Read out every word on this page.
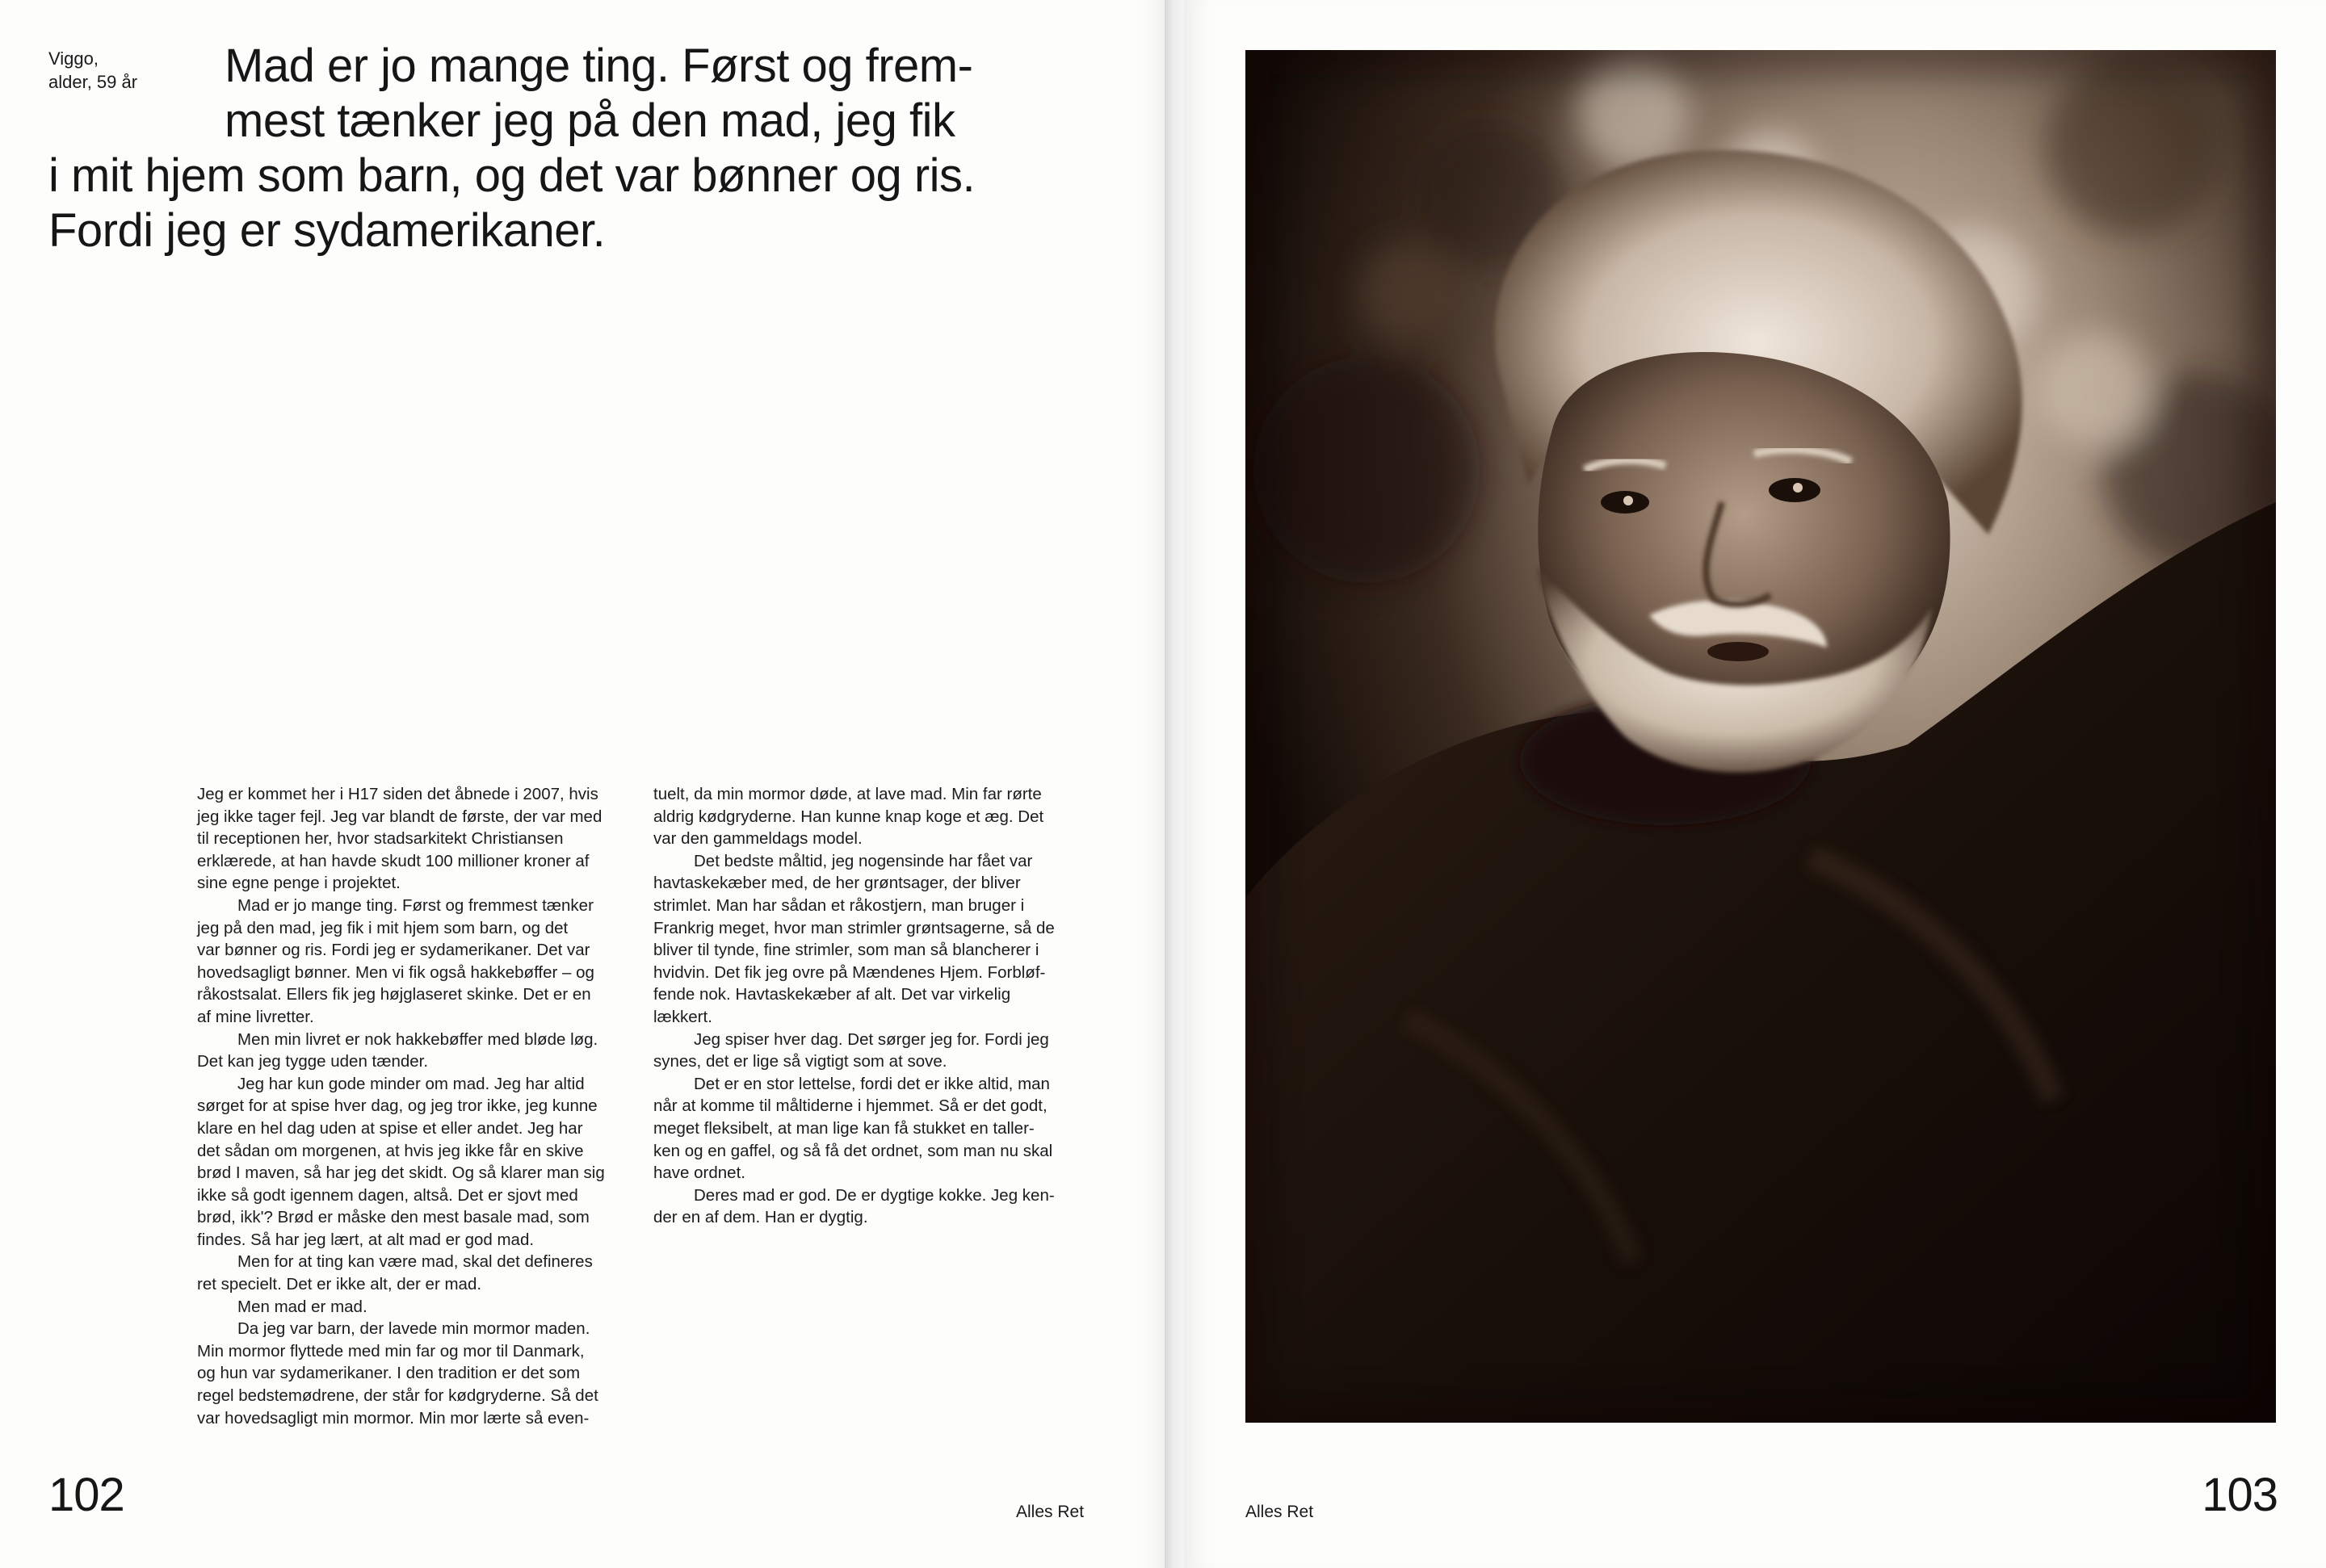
Viggo,
alder, 59 år	Mad er jo mange ting. Først og frem-
mest tænker jeg på den mad, jeg fik
i mit hjem som barn, og det var bønner og ris.
Fordi jeg er sydamerikaner.

Jeg er kommet her i H17 siden det åbnede i 2007, hvis
jeg ikke tager fejl. Jeg var blandt de første, der var med
til receptionen her, hvor stadsarkitekt Christiansen
erklærede, at han havde skudt 100 millioner kroner af
sine egne penge i projektet.

Mad er jo mange ting. Først og fremmest tænker
jeg på den mad, jeg fik i mit hjem som barn, og det
var bønner og ris. Fordi jeg er sydamerikaner. Det var
hovedsagligt bønner. Men vi fik også hakkebøffer – og
råkostsalat. Ellers fik jeg højglaseret skinke. Det er en
af mine livretter.

Men min livret er nok hakkebøffer med bløde løg.
Det kan jeg tygge uden tænder.

Jeg har kun gode minder om mad. Jeg har altid
sørget for at spise hver dag, og jeg tror ikke, jeg kunne
klare en hel dag uden at spise et eller andet. Jeg har
det sådan om morgenen, at hvis jeg ikke får en skive
brød I maven, så har jeg det skidt. Og så klarer man sig
ikke så godt igennem dagen, altså. Det er sjovt med
brød, ikk'? Brød er måske den mest basale mad, som
findes. Så har jeg lært, at alt mad er god mad.

Men for at ting kan være mad, skal det defineres
ret specielt. Det er ikke alt, der er mad.

Men mad er mad.

Da jeg var barn, der lavede min mormor maden.
Min mormor flyttede med min far og mor til Danmark,
og hun var sydamerikaner. I den tradition er det som
regel bedstemødrene, der står for kødgryderne. Så det
var hovedsagligt min mormor. Min mor lærte så even-

tuelt, da min mormor døde, at lave mad. Min far rørte
aldrig kødgryderne. Han kunne knap koge et æg. Det
var den gammeldags model.

Det bedste måltid, jeg nogensinde har fået var
havtaskekæber med, de her grøntsager, der bliver
strimlet. Man har sådan et råkostjern, man bruger i
Frankrig meget, hvor man strimler grøntsagerne, så de
bliver til tynde, fine strimler, som man så blancherer i
hvidvin. Det fik jeg ovre på Mændenes Hjem. Forbløf-
fende nok. Havtaskekæber af alt. Det var virkelig
lækkert.

Jeg spiser hver dag. Det sørger jeg for. Fordi jeg
synes, det er lige så vigtigt som at sove.

Det er en stor lettelse, fordi det er ikke altid, man
når at komme til måltiderne i hjemmet. Så er det godt,
meget fleksibelt, at man lige kan få stukket en taller-
ken og en gaffel, og så få det ordnet, som man nu skal
have ordnet.

Deres mad er god. De er dygtige kokke. Jeg ken-
der en af dem. Han er dygtig.

102	Alles Ret	Alles Ret	103
